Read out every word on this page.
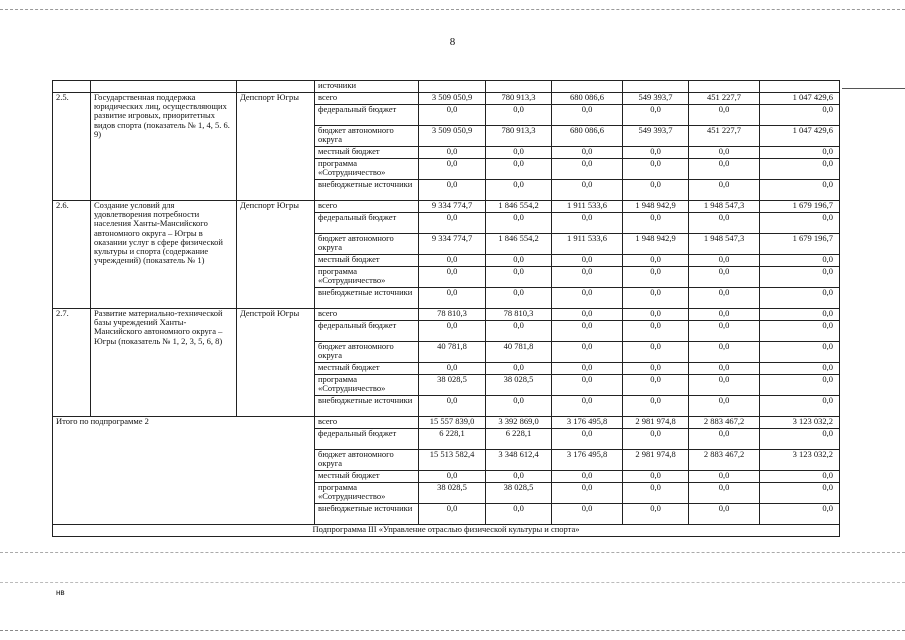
8
			источники						
2.5.	Государственная поддержка юридических лиц, осуществляющих развитие игровых, приоритетных видов спорта (показатель № 1, 4, 5. 6. 9)	Депспорт Югры	всего	3 509 050,9	780 913,3	680 086,6	549 393,7	451 227,7	1 047 429,6
			федеральный бюджет	0,0	0,0	0,0	0,0	0,0	0,0
			бюджет автономного округа	3 509 050,9	780 913,3	680 086,6	549 393,7	451 227,7	1 047 429,6
			местный бюджет	0,0	0,0	0,0	0,0	0,0	0,0
			программа «Сотрудничество»	0,0	0,0	0,0	0,0	0,0	0,0
			внебюджетные источники	0,0	0,0	0,0	0,0	0,0	0,0
2.6.	Создание условий для удовлетворения потребности населения Ханты-Мансийского автономного округа – Югры в оказании услуг в сфере физической культуры и спорта (содержание учреждений) (показатель № 1)	Депспорт Югры	всего	9 334 774,7	1 846 554,2	1 911 533,6	1 948 942,9	1 948 547,3	1 679 196,7
			федеральный бюджет	0,0	0,0	0,0	0,0	0,0	0,0
			бюджет автономного округа	9 334 774,7	1 846 554,2	1 911 533,6	1 948 942,9	1 948 547,3	1 679 196,7
			местный бюджет	0,0	0,0	0,0	0,0	0,0	0,0
			программа «Сотрудничество»	0,0	0,0	0,0	0,0	0,0	0,0
			внебюджетные источники	0,0	0,0	0,0	0,0	0,0	0,0
2.7.	Развитие материально-технической базы учреждений Ханты-Мансийского автономного округа – Югры (показатель № 1, 2, 3, 5, 6, 8)	Депстрой Югры	всего	78 810,3	78 810,3	0,0	0,0	0,0	0,0
			федеральный бюджет	0,0	0,0	0,0	0,0	0,0	0,0
			бюджет автономного округа	40 781,8	40 781,8	0,0	0,0	0,0	0,0
			местный бюджет	0,0	0,0	0,0	0,0	0,0	0,0
			программа «Сотрудничество»	38 028,5	38 028,5	0,0	0,0	0,0	0,0
			внебюджетные источники	0,0	0,0	0,0	0,0	0,0	0,0
Итого по подпрограмме 2			всего	15 557 839,0	3 392 869,0	3 176 495,8	2 981 974,8	2 883 467,2	3 123 032,2
			федеральный бюджет	6 228,1	6 228,1	0,0	0,0	0,0	0,0
			бюджет автономного округа	15 513 582,4	3 348 612,4	3 176 495,8	2 981 974,8	2 883 467,2	3 123 032,2
			местный бюджет	0,0	0,0	0,0	0,0	0,0	0,0
			программа «Сотрудничество»	38 028,5	38 028,5	0,0	0,0	0,0	0,0
			внебюджетные источники	0,0	0,0	0,0	0,0	0,0	0,0
Подпрограмма III «Управление отраслью физической культуры и спорта»									
нв
